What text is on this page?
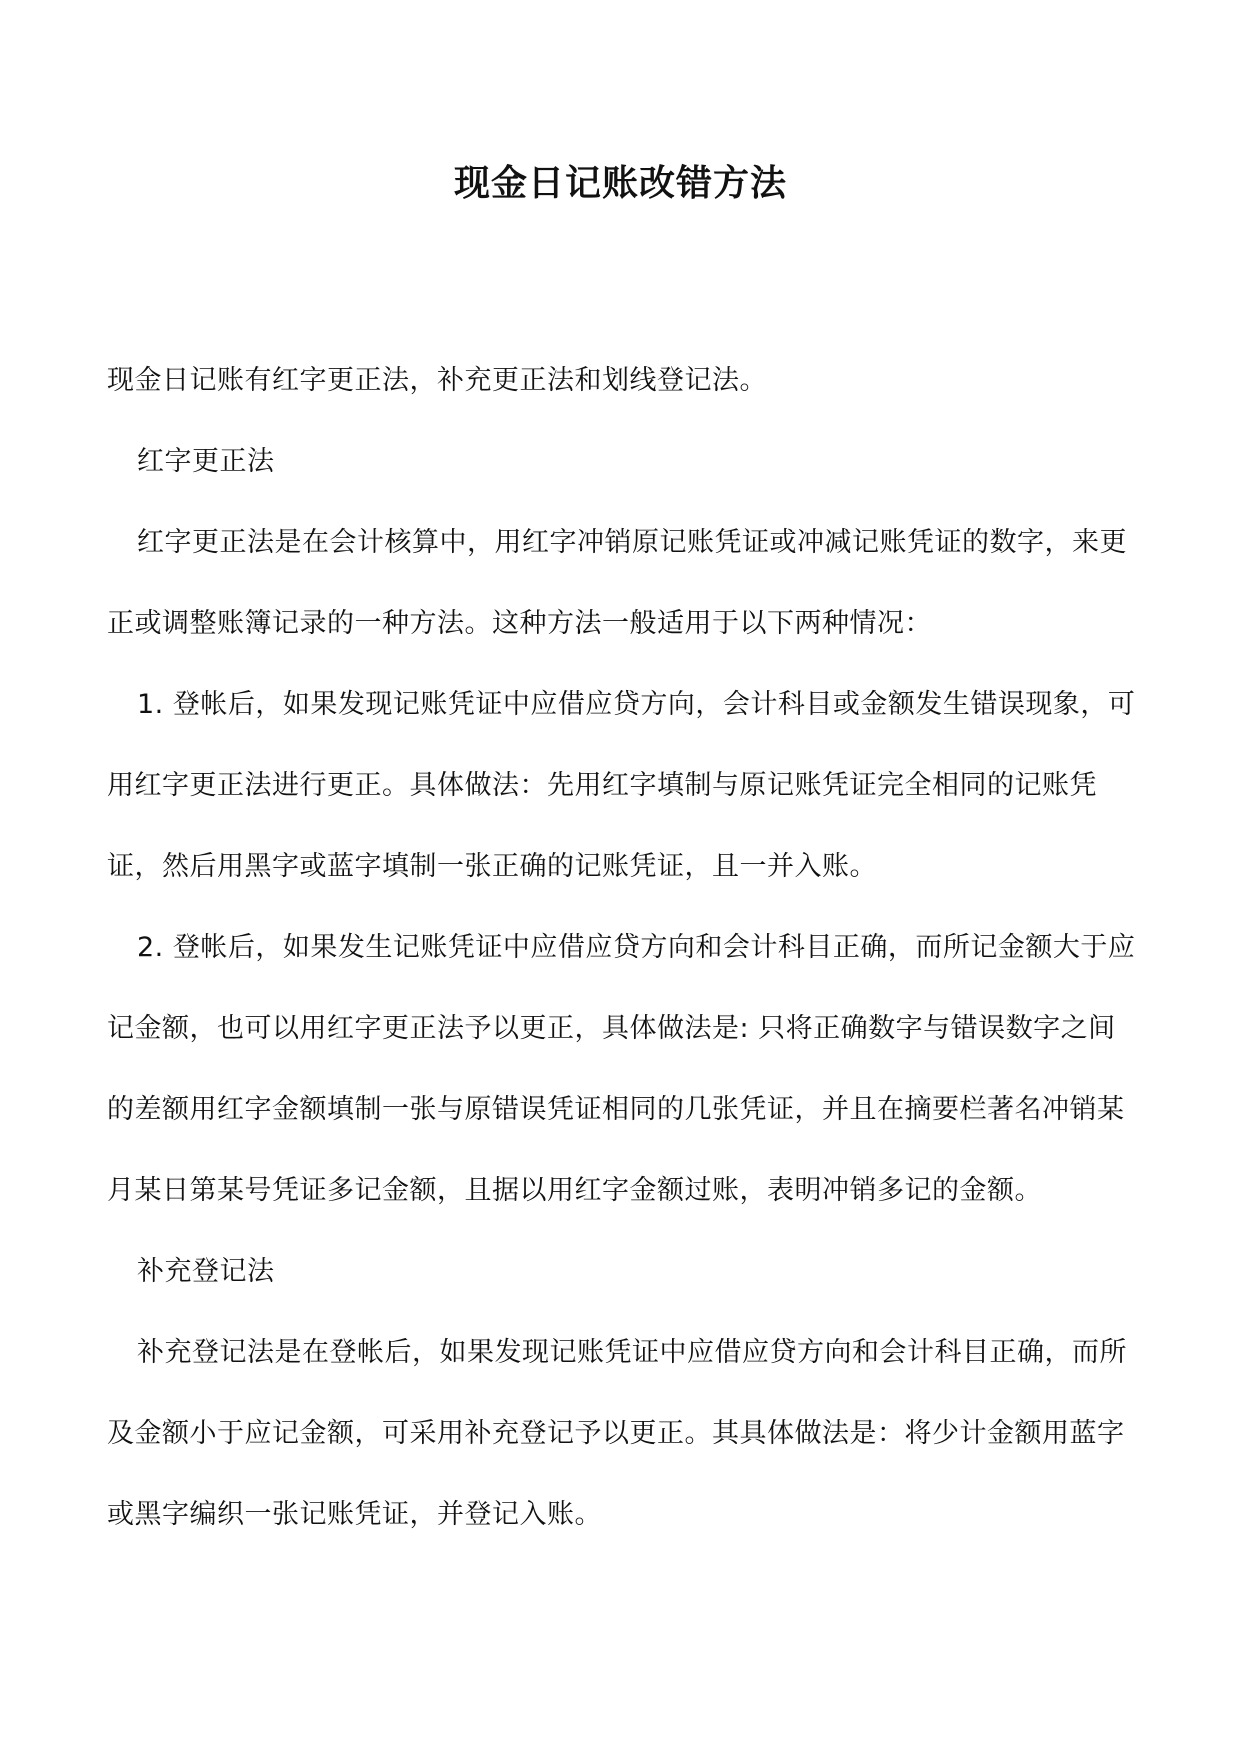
现金日记账改错方法

现金日记账有红字更正法，补充更正法和划线登记法。

红字更正法

红字更正法是在会计核算中，用红字冲销原记账凭证或冲减记账凭证的数字，来更正或调整账簿记录的一种方法。这种方法一般适用于以下两种情况：

1. 登帐后，如果发现记账凭证中应借应贷方向，会计科目或金额发生错误现象，可用红字更正法进行更正。具体做法：先用红字填制与原记账凭证完全相同的记账凭证，然后用黑字或蓝字填制一张正确的记账凭证，且一并入账。

2. 登帐后，如果发生记账凭证中应借应贷方向和会计科目正确，而所记金额大于应记金额，也可以用红字更正法予以更正，具体做法是: 只将正确数字与错误数字之间的差额用红字金额填制一张与原错误凭证相同的几张凭证，并且在摘要栏著名冲销某月某日第某号凭证多记金额，且据以用红字金额过账，表明冲销多记的金额。

补充登记法

补充登记法是在登帐后，如果发现记账凭证中应借应贷方向和会计科目正确，而所及金额小于应记金额，可采用补充登记予以更正。其具体做法是：将少计金额用蓝字或黑字编织一张记账凭证，并登记入账。
